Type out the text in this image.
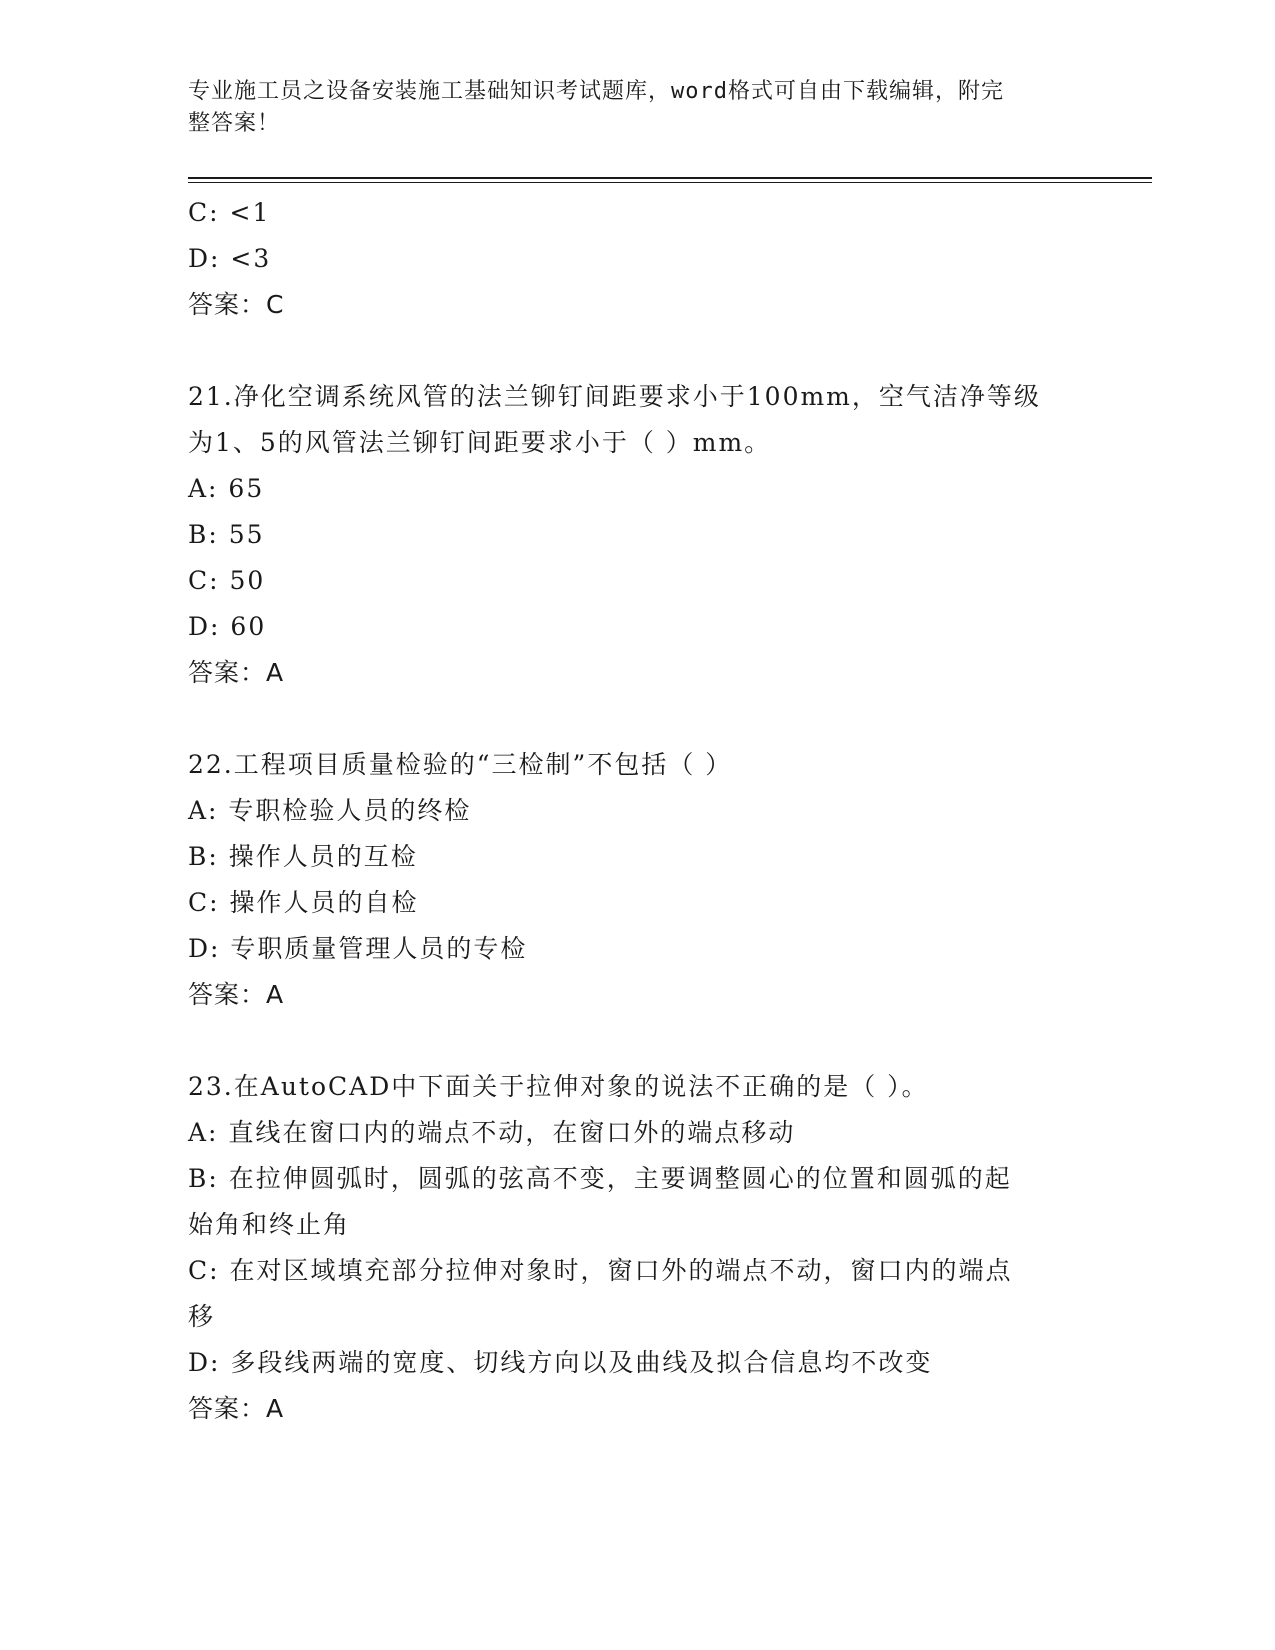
专业施工员之设备安装施工基础知识考试题库，word格式可自由下载编辑，附完
整答案！
C: <1
D: <3
答案：C
21.净化空调系统风管的法兰铆钉间距要求小于100mm，空气洁净等级
为1、5的风管法兰铆钉间距要求小于（ ）mm。
A: 65
B: 55
C: 50
D: 60
答案：A
22.工程项目质量检验的“三检制”不包括（ ）
A: 专职检验人员的终检
B: 操作人员的互检
C: 操作人员的自检
D: 专职质量管理人员的专检
答案：A
23.在AutoCAD中下面关于拉伸对象的说法不正确的是（ ）。
A: 直线在窗口内的端点不动，在窗口外的端点移动
B: 在拉伸圆弧时，圆弧的弦高不变，主要调整圆心的位置和圆弧的起
始角和终止角
C: 在对区域填充部分拉伸对象时，窗口外的端点不动，窗口内的端点
移
D: 多段线两端的宽度、切线方向以及曲线及拟合信息均不改变
答案：A
